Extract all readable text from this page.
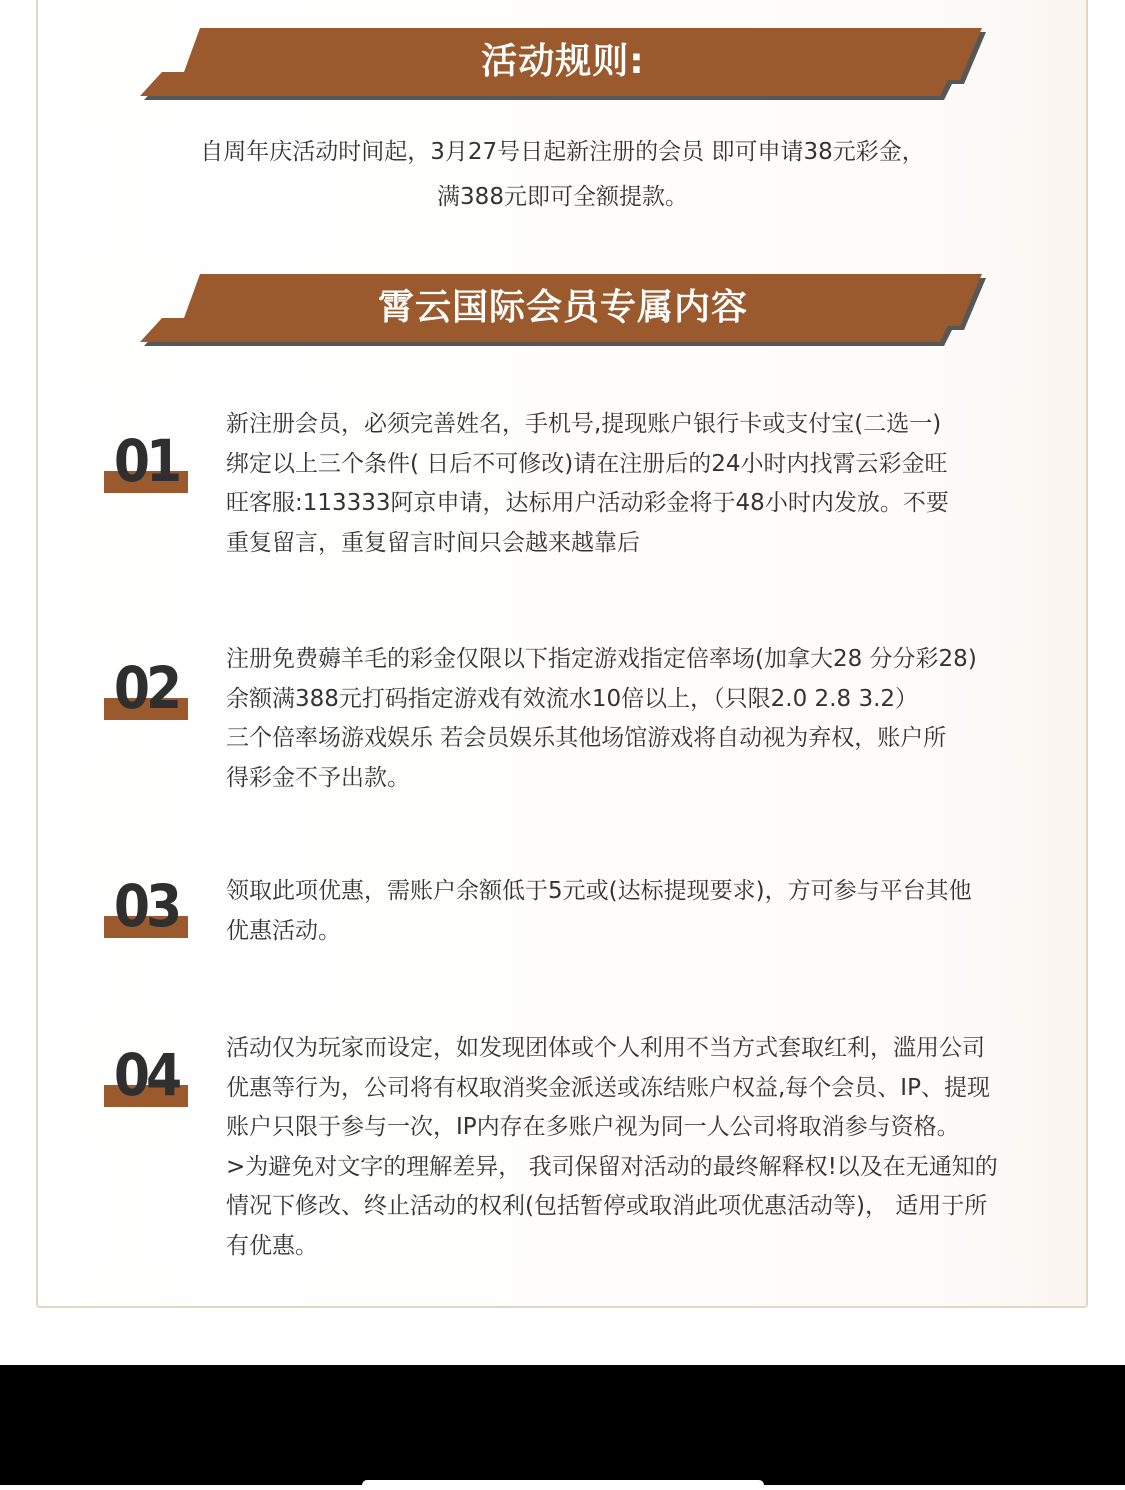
活动规则:
自周年庆活动时间起，3月27号日起新注册的会员 即可申请38元彩金，
满388元即可全额提款。
霄云国际会员专属内容
01
新注册会员，必须完善姓名，手机号,提现账户银行卡或支付宝(二选一)
绑定以上三个条件( 日后不可修改)请在注册后的24小时内找霄云彩金旺
旺客服:113333阿京申请，达标用户活动彩金将于48小时内发放。不要
重复留言，重复留言时间只会越来越靠后
02	注册免费薅羊毛的彩金仅限以下指定游戏指定倍率场(加拿大28 分分彩28)
余额满388元打码指定游戏有效流水10倍以上，（只限2.0 2.8 3.2）
三个倍率场游戏娱乐 若会员娱乐其他场馆游戏将自动视为弃权，账户所
得彩金不予出款。
03	领取此项优惠，需账户余额低于5元或(达标提现要求)，方可参与平台其他
优惠活动。
04	活动仅为玩家而设定，如发现团体或个人利用不当方式套取红利，滥用公司
优惠等行为，公司将有权取消奖金派送或冻结账户权益,每个会员、IP、提现
账户只限于参与一次，IP内存在多账户视为同一人公司将取消参与资格。
>为避免对文字的理解差异， 我司保留对活动的最终解释权!以及在无通知的
情况下修改、终止活动的权利(包括暂停或取消此项优惠活动等)， 适用于所
有优惠。
